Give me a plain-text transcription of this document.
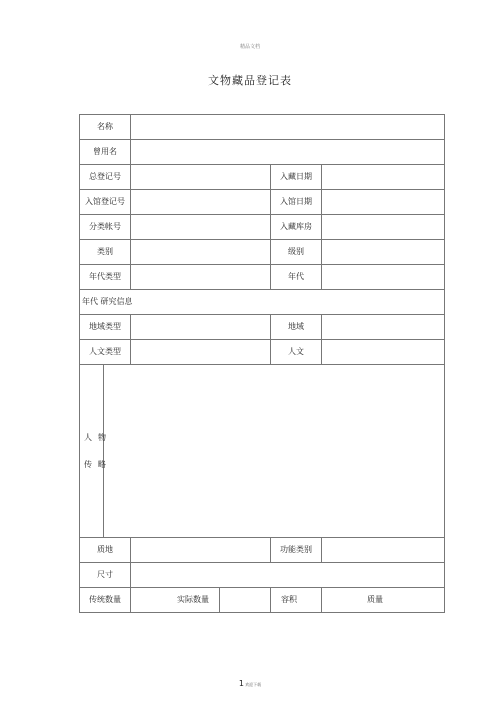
精品文档
文物藏品登记表
名称					
曾用名					
总登记号				入藏日期	
入馆登记号				入馆日期	
分类帐号				入藏库房	
类别				级别	
年代类型				年代	
年代 研究信息					
地域类型				地域	
人文类型				人文	
人物
传略					
质地				功能类别	
尺寸					
传统数量		实际数量		容积	质量
1 欢迎下载
